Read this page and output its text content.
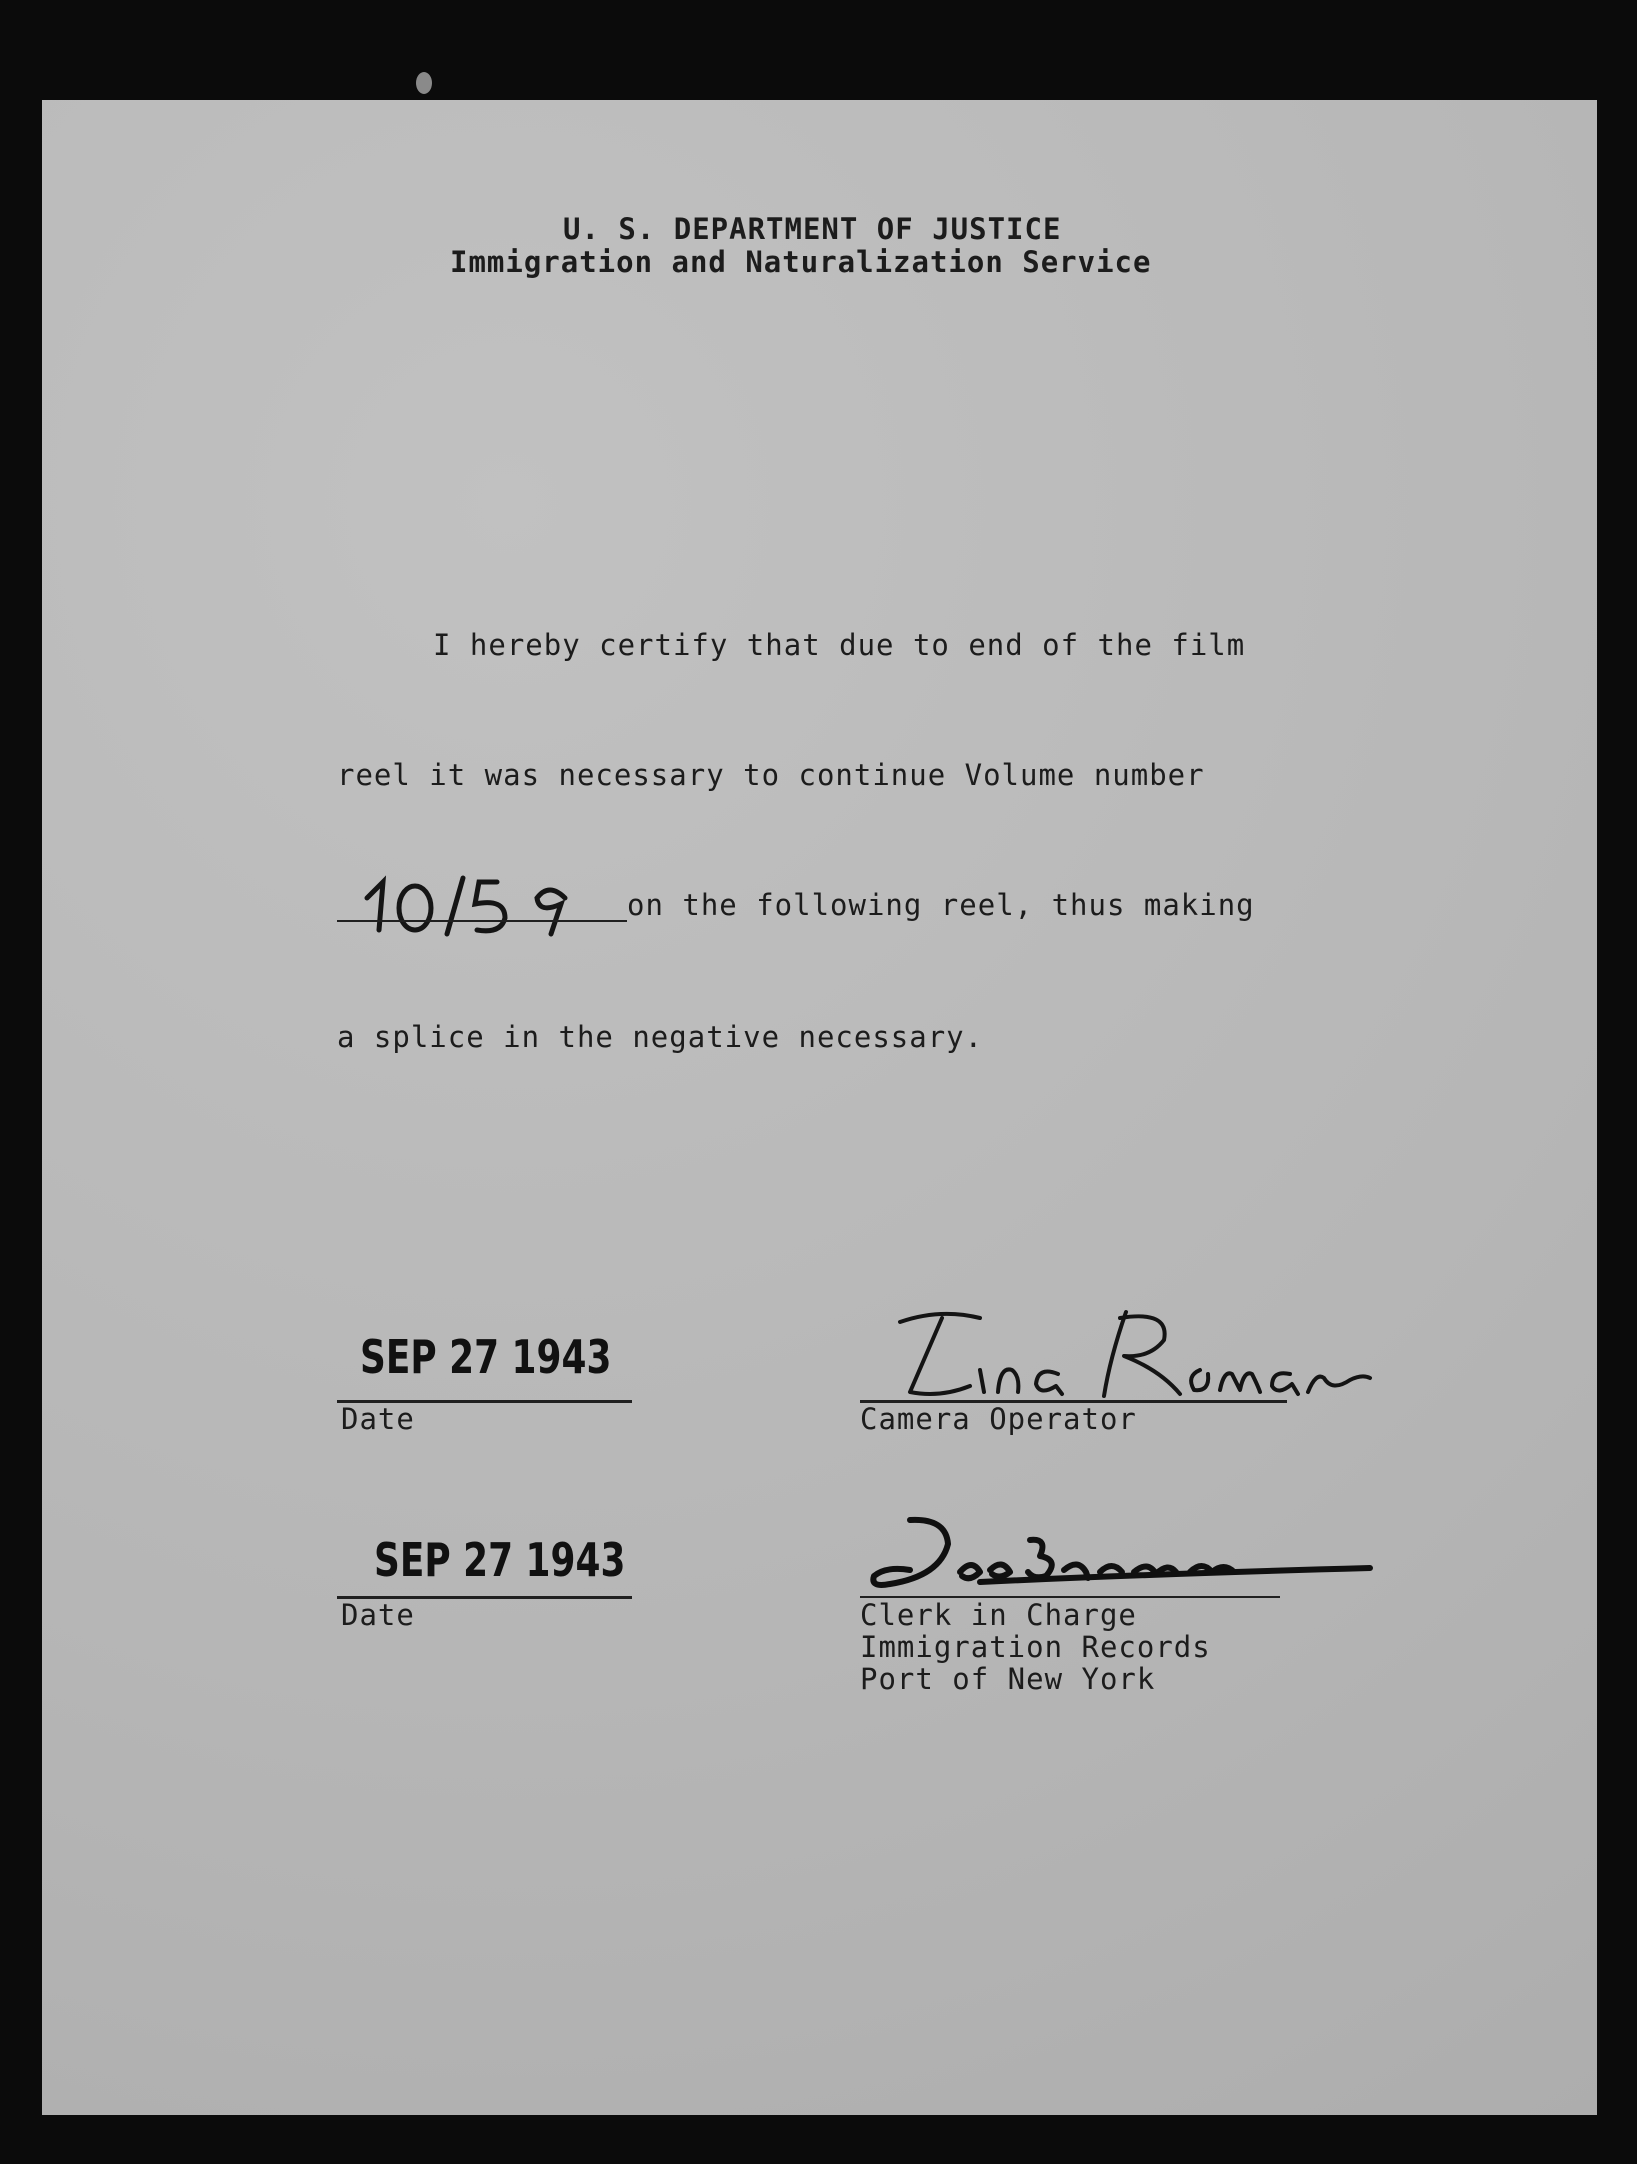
U. S. DEPARTMENT OF JUSTICE
Immigration and Naturalization Service
I hereby certify that due to end of the film
reel it was necessary to continue Volume number
on the following reel, thus making
a splice in the negative necessary.
SEP 27 1943
Date	Camera Operator
SEP 27 1943
Date	Clerk in Charge
Immigration Records
Port of New York
